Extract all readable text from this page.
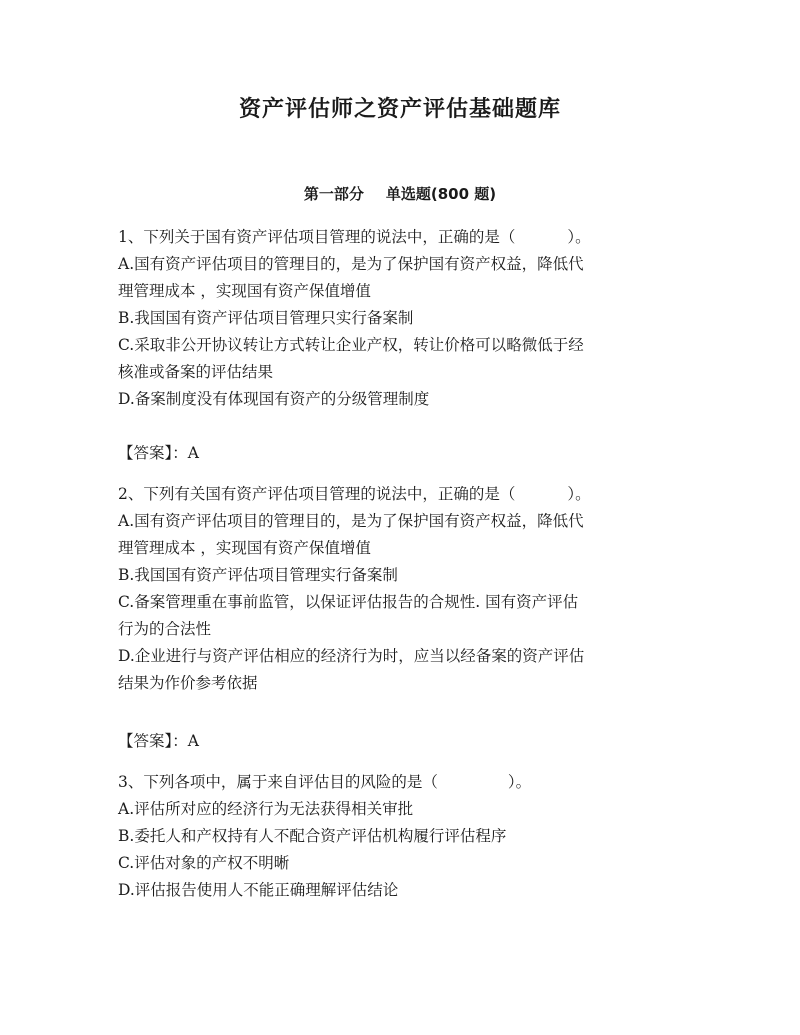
资产评估师之资产评估基础题库
第一部分 单选题(800 题)

1、下列关于国有资产评估项目管理的说法中，正确的是（	）。

A.国有资产评估项目的管理目的，是为了保护国有资产权益，降低代

理管理成本 ，实现国有资产保值增值

B.我国国有资产评估项目管理只实行备案制

C.采取非公开协议转让方式转让企业产权，转让价格可以略微低于经

核准或备案的评估结果

D.备案制度没有体现国有资产的分级管理制度

【答案】：A

2、下列有关国有资产评估项目管理的说法中，正确的是（	）。

A.国有资产评估项目的管理目的，是为了保护国有资产权益，降低代

理管理成本 ，实现国有资产保值增值

B.我国国有资产评估项目管理实行备案制

C.备案管理重在事前监管，以保证评估报告的合规性. 国有资产评估

行为的合法性

D.企业进行与资产评估相应的经济行为时，应当以经备案的资产评估

结果为作价参考依据

【答案】：A

3、下列各项中，属于来自评估目的风险的是（	）。

A.评估所对应的经济行为无法获得相关审批

B.委托人和产权持有人不配合资产评估机构履行评估程序

C.评估对象的产权不明晰

D.评估报告使用人不能正确理解评估结论
